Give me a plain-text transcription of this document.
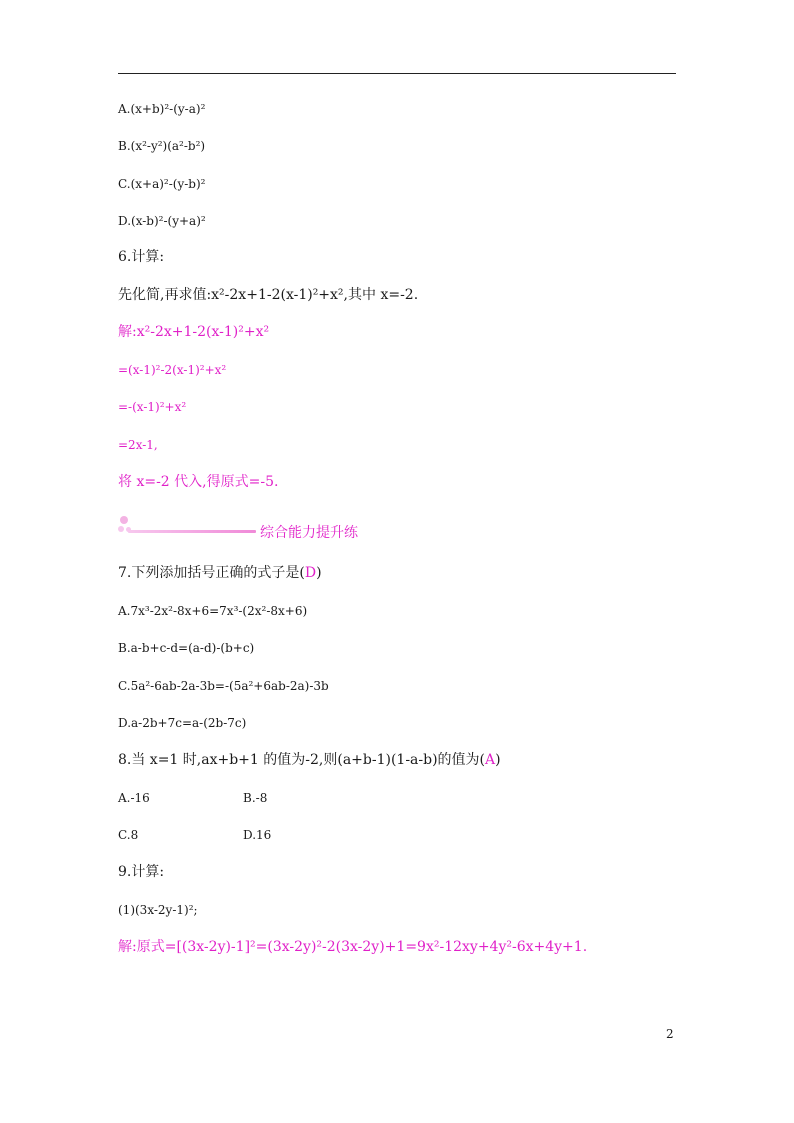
A.(x+b)²-(y-a)²
B.(x²-y²)(a²-b²)
C.(x+a)²-(y-b)²
D.(x-b)²-(y+a)²
6.计算:
先化简,再求值:x²-2x+1-2(x-1)²+x²,其中 x=-2.
解:x²-2x+1-2(x-1)²+x²
=(x-1)²-2(x-1)²+x²
=-(x-1)²+x²
=2x-1,
将 x=-2 代入,得原式=-5.
综合能力提升练
7.下列添加括号正确的式子是(D)
A.7x³-2x²-8x+6=7x³-(2x²-8x+6)
B.a-b+c-d=(a-d)-(b+c)
C.5a²-6ab-2a-3b=-(5a²+6ab-2a)-3b
D.a-2b+7c=a-(2b-7c)
8.当 x=1 时,ax+b+1 的值为-2,则(a+b-1)(1-a-b)的值为(A)
A.-16	B.-8
C.8	D.16
9.计算:
(1)(3x-2y-1)²;
解:原式=[(3x-2y)-1]²=(3x-2y)²-2(3x-2y)+1=9x²-12xy+4y²-6x+4y+1.
2
